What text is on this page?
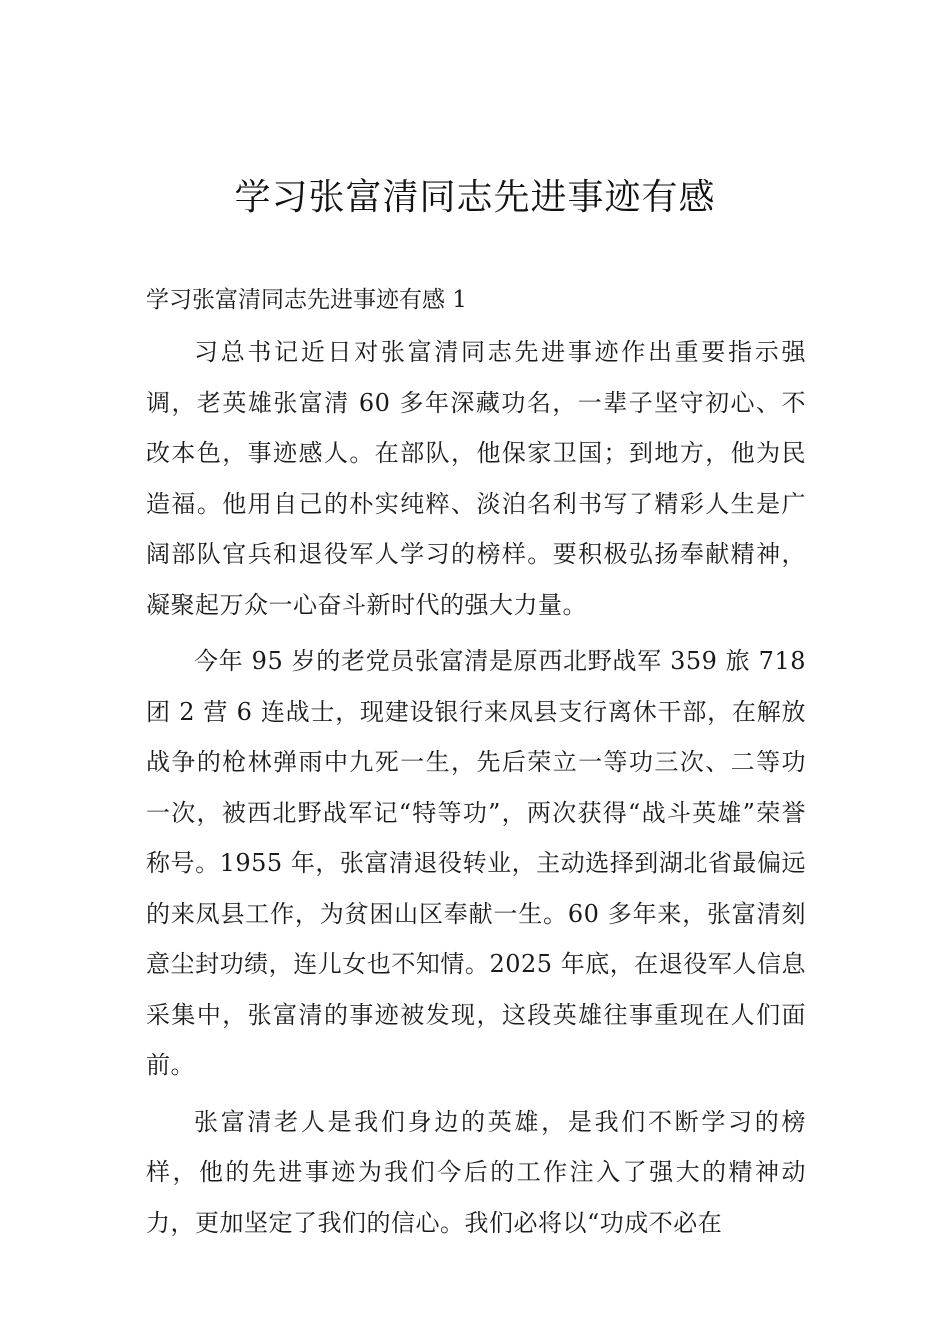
学习张富清同志先进事迹有感

学习张富清同志先进事迹有感 1

习总书记近日对张富清同志先进事迹作出重要指示强调，老英雄张富清 60 多年深藏功名，一辈子坚守初心、不改本色，事迹感人。在部队，他保家卫国；到地方，他为民造福。他用自己的朴实纯粹、淡泊名利书写了精彩人生是广阔部队官兵和退役军人学习的榜样。要积极弘扬奉献精神，凝聚起万众一心奋斗新时代的强大力量。

今年 95 岁的老党员张富清是原西北野战军 359 旅 718 团 2 营 6 连战士，现建设银行来凤县支行离休干部，在解放战争的枪林弹雨中九死一生，先后荣立一等功三次、二等功一次，被西北野战军记“特等功”，两次获得“战斗英雄”荣誉称号。1955 年，张富清退役转业，主动选择到湖北省最偏远的来凤县工作，为贫困山区奉献一生。60 多年来，张富清刻意尘封功绩，连儿女也不知情。2025 年底，在退役军人信息采集中，张富清的事迹被发现，这段英雄往事重现在人们面前。

张富清老人是我们身边的英雄，是我们不断学习的榜样，他的先进事迹为我们今后的工作注入了强大的精神动力，更加坚定了我们的信心。我们必将以“功成不必在
